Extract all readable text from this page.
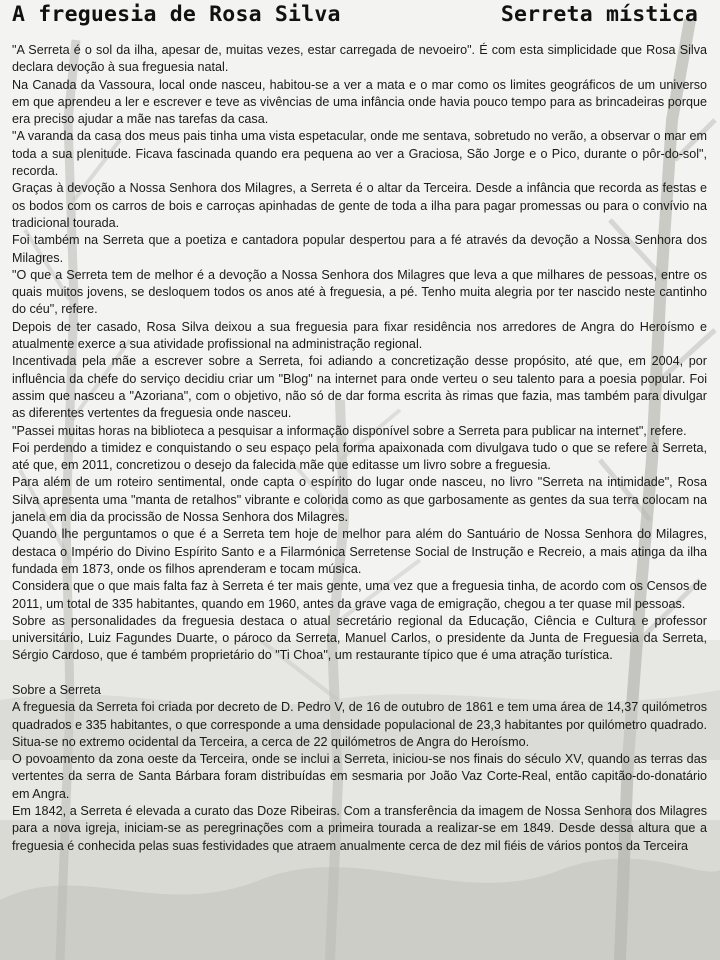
A freguesia de Rosa Silva	Serreta mística

"A Serreta é o sol da ilha, apesar de, muitas vezes, estar carregada de nevoeiro". É com esta simplicidade que Rosa Silva declara devoção à sua freguesia natal.

Na Canada da Vassoura, local onde nasceu, habitou-se a ver a mata e o mar como os limites geográficos de um universo em que aprendeu a ler e escrever e teve as vivências de uma infância onde havia pouco tempo para as brincadeiras porque era preciso ajudar a mãe nas tarefas da casa.

"A varanda da casa dos meus pais tinha uma vista espetacular, onde me sentava, sobretudo no verão, a observar o mar em toda a sua plenitude. Ficava fascinada quando era pequena ao ver a Graciosa, São Jorge e o Pico, durante o pôr-do-sol", recorda.

Graças à devoção a Nossa Senhora dos Milagres, a Serreta é o altar da Terceira. Desde a infância que recorda as festas e os bodos com os carros de bois e carroças apinhadas de gente de toda a ilha para pagar promessas ou para o convívio na tradicional tourada.

Foi também na Serreta que a poetiza e cantadora popular despertou para a fé através da devoção a Nossa Senhora dos Milagres.

"O que a Serreta tem de melhor é a devoção a Nossa Senhora dos Milagres que leva a que milhares de pessoas, entre os quais muitos jovens, se desloquem todos os anos até à freguesia, a pé. Tenho muita alegria por ter nascido neste cantinho do céu", refere.

Depois de ter casado, Rosa Silva deixou a sua freguesia para fixar residência nos arredores de Angra do Heroísmo e atualmente exerce a sua atividade profissional na administração regional.

Incentivada pela mãe a escrever sobre a Serreta, foi adiando a concretização desse propósito, até que, em 2004, por influência da chefe do serviço decidiu criar um "Blog" na internet para onde verteu o seu talento para a poesia popular. Foi assim que nasceu a "Azoriana", com o objetivo, não só de dar forma escrita às rimas que fazia, mas também para divulgar as diferentes vertentes da freguesia onde nasceu.

"Passei muitas horas na biblioteca a pesquisar a informação disponível sobre a Serreta para publicar na internet", refere.

Foi perdendo a timidez e conquistando o seu espaço pela forma apaixonada com divulgava tudo o que se refere à Serreta, até que, em 2011, concretizou o desejo da falecida mãe que editasse um livro sobre a freguesia.

Para além de um roteiro sentimental, onde capta o espírito do lugar onde nasceu, no livro "Serreta na intimidade", Rosa Silva apresenta uma "manta de retalhos" vibrante e colorida como as que garbosamente as gentes da sua terra colocam na janela em dia da procissão de Nossa Senhora dos Milagres.

Quando lhe perguntamos o que é a Serreta tem hoje de melhor para além do Santuário de Nossa Senhora do Milagres, destaca o Império do Divino Espírito Santo e a Filarmónica Serretense Social de Instrução e Recreio, a mais atinga da ilha fundada em 1873, onde os filhos aprenderam e tocam música.

Considera que o que mais falta faz à Serreta é ter mais gente, uma vez que a freguesia tinha, de acordo com os Censos de 2011, um total de 335 habitantes, quando em 1960, antes da grave vaga de emigração, chegou a ter quase mil pessoas.

Sobre as personalidades da freguesia destaca o atual secretário regional da Educação, Ciência e Cultura e professor universitário, Luiz Fagundes Duarte, o pároco da Serreta, Manuel Carlos, o presidente da Junta de Freguesia da Serreta, Sérgio Cardoso, que é também proprietário do "Ti Choa", um restaurante típico que é uma atração turística.

Sobre a Serreta

A freguesia da Serreta foi criada por decreto de D. Pedro V, de 16 de outubro de 1861 e tem uma área de 14,37 quilómetros quadrados e 335 habitantes, o que corresponde a uma densidade populacional de 23,3 habitantes por quilómetro quadrado. Situa-se no extremo ocidental da Terceira, a cerca de 22 quilómetros de Angra do Heroísmo.

O povoamento da zona oeste da Terceira, onde se inclui a Serreta, iniciou-se nos finais do século XV, quando as terras das vertentes da serra de Santa Bárbara foram distribuídas em sesmaria por João Vaz Corte-Real, então capitão-do-donatário em Angra.

Em 1842, a Serreta é elevada a curato das Doze Ribeiras. Com a transferência da imagem de Nossa Senhora dos Milagres para a nova igreja, iniciam-se as peregrinações com a primeira tourada a realizar-se em 1849. Desde dessa altura que a freguesia é conhecida pelas suas festividades que atraem anualmente cerca de dez mil fiéis de vários pontos da Terceira
